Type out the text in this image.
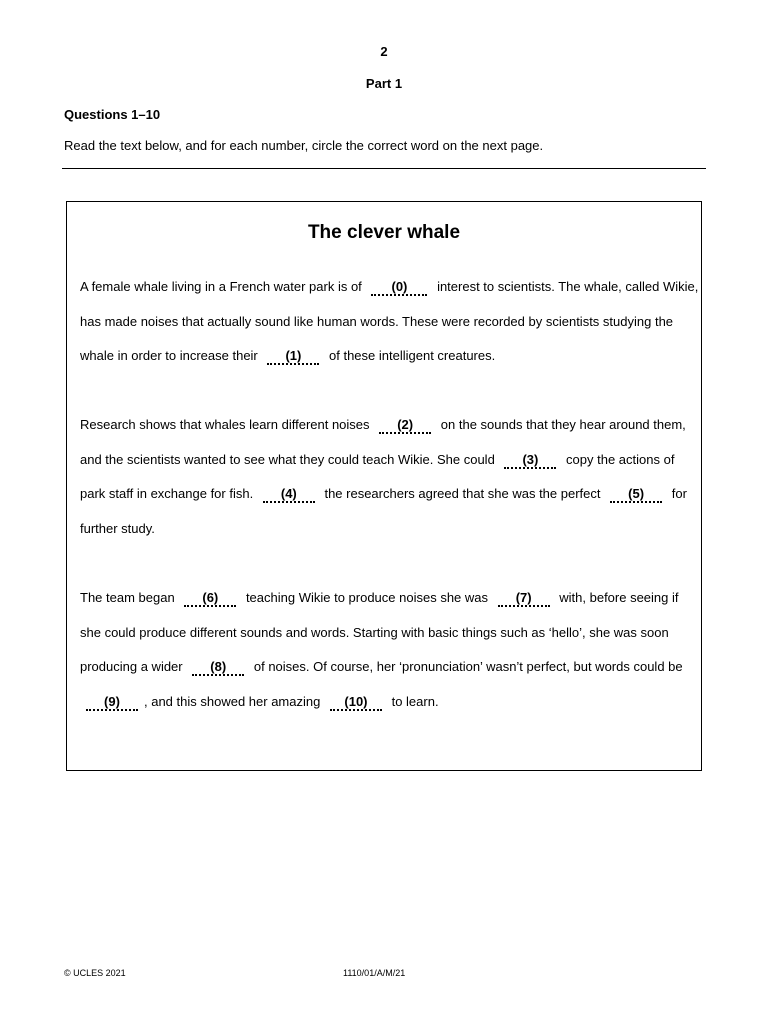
2
Part 1
Questions 1–10
Read the text below, and for each number, circle the correct word on the next page.
The clever whale

A female whale living in a French water park is of (0) interest to scientists. The whale, called Wikie, has made noises that actually sound like human words. These were recorded by scientists studying the whale in order to increase their (1) of these intelligent creatures.

Research shows that whales learn different noises (2) on the sounds that they hear around them, and the scientists wanted to see what they could teach Wikie. She could (3) copy the actions of park staff in exchange for fish. (4) the researchers agreed that she was the perfect (5) for further study.

The team began (6) teaching Wikie to produce noises she was (7) with, before seeing if she could produce different sounds and words. Starting with basic things such as ‘hello’, she was soon producing a wider (8) of noises. Of course, her ‘pronunciation’ wasn’t perfect, but words could be (9) , and this showed her amazing (10) to learn.

© UCLES 2021	1110/01/A/M/21
